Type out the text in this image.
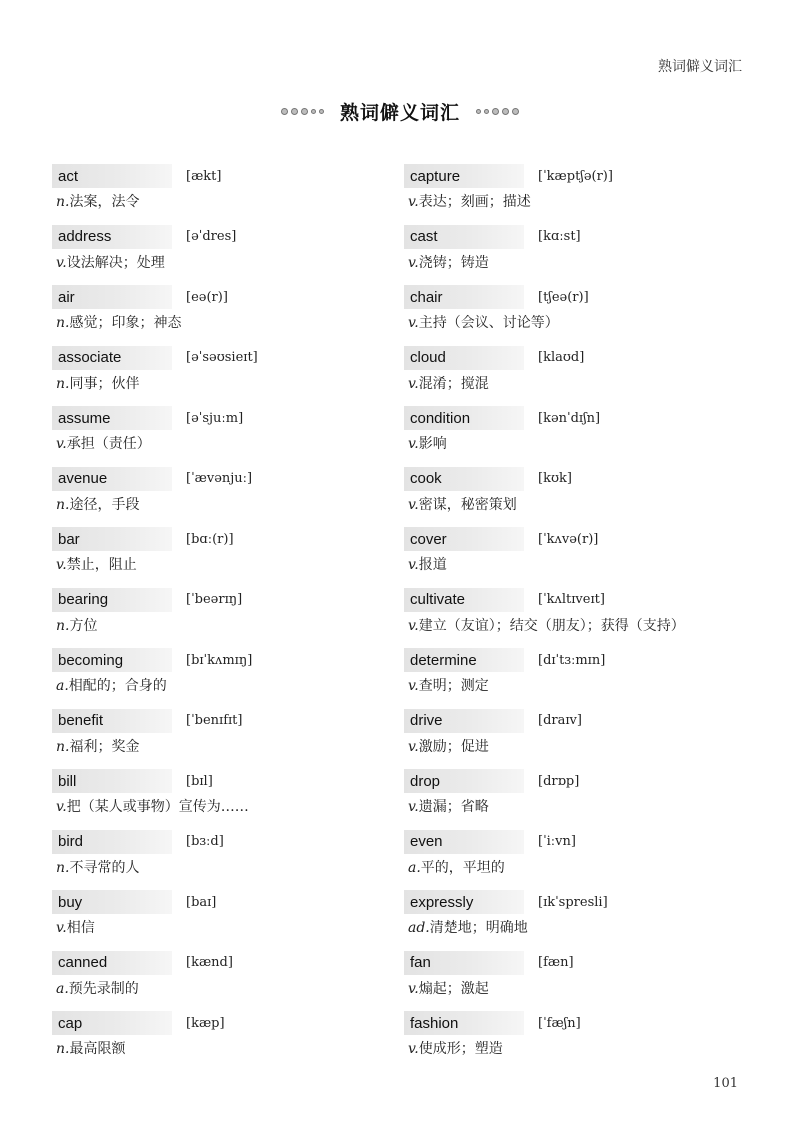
熟词僻义词汇
熟词僻义词汇
act	[ækt]
n.法案，法令
address	[əˈdres]
v.设法解决；处理
air	[eə(r)]
n.感觉；印象；神态
associate	[əˈsəʊsieɪt]
n.同事；伙伴
assume	[əˈsjuːm]
v.承担（责任）
avenue	[ˈævənjuː]
n.途径，手段
bar	[bɑː(r)]
v.禁止，阻止
bearing	[ˈbeərɪŋ]
n.方位
becoming	[bɪˈkʌmɪŋ]
a.相配的；合身的
benefit	[ˈbenɪfɪt]
n.福利；奖金
bill	[bɪl]
v.把（某人或事物）宣传为……
bird	[bɜːd]
n.不寻常的人
buy	[baɪ]
v.相信
canned	[kænd]
a.预先录制的
cap	[kæp]
n.最高限额
capture	[ˈkæptʃə(r)]
v.表达；刻画；描述
cast	[kɑːst]
v.浇铸；铸造
chair	[tʃeə(r)]
v.主持（会议、讨论等）
cloud	[klaʊd]
v.混淆；搅混
condition	[kənˈdɪʃn]
v.影响
cook	[kʊk]
v.密谋，秘密策划
cover	[ˈkʌvə(r)]
v.报道
cultivate	[ˈkʌltɪveɪt]
v.建立（友谊）；结交（朋友）；获得（支持）
determine	[dɪˈtɜːmɪn]
v.查明；测定
drive	[draɪv]
v.激励；促进
drop	[drɒp]
v.遗漏；省略
even	[ˈiːvn]
a.平的，平坦的
expressly	[ɪkˈspresli]
ad.清楚地；明确地
fan	[fæn]
v.煽起；激起
fashion	[ˈfæʃn]
v.使成形；塑造
101
